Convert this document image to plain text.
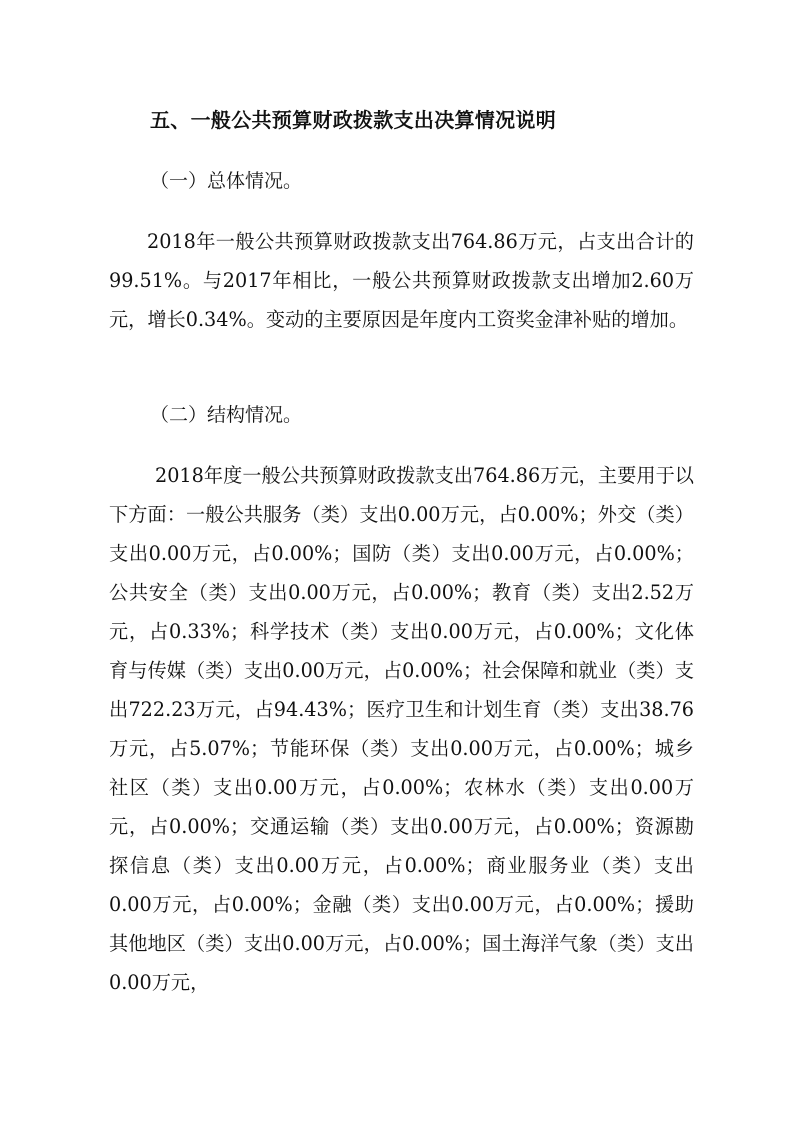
五、一般公共预算财政拨款支出决算情况说明
（一）总体情况。
2018年一般公共预算财政拨款支出764.86万元，占支出合计的99.51%。与2017年相比，一般公共预算财政拨款支出增加2.60万元，增长0.34%。变动的主要原因是年度内工资奖金津补贴的增加。
（二）结构情况。
2018年度一般公共预算财政拨款支出764.86万元，主要用于以下方面：一般公共服务（类）支出0.00万元，占0.00%；外交（类）支出0.00万元，占0.00%；国防（类）支出0.00万元，占0.00%；公共安全（类）支出0.00万元，占0.00%；教育（类）支出2.52万元，占0.33%；科学技术（类）支出0.00万元，占0.00%；文化体育与传媒（类）支出0.00万元，占0.00%；社会保障和就业（类）支出722.23万元，占94.43%；医疗卫生和计划生育（类）支出38.76万元，占5.07%；节能环保（类）支出0.00万元，占0.00%；城乡社区（类）支出0.00万元，占0.00%；农林水（类）支出0.00万元，占0.00%；交通运输（类）支出0.00万元，占0.00%；资源勘探信息（类）支出0.00万元，占0.00%；商业服务业（类）支出0.00万元，占0.00%；金融（类）支出0.00万元，占0.00%；援助其他地区（类）支出0.00万元，占0.00%；国土海洋气象（类）支出0.00万元，
